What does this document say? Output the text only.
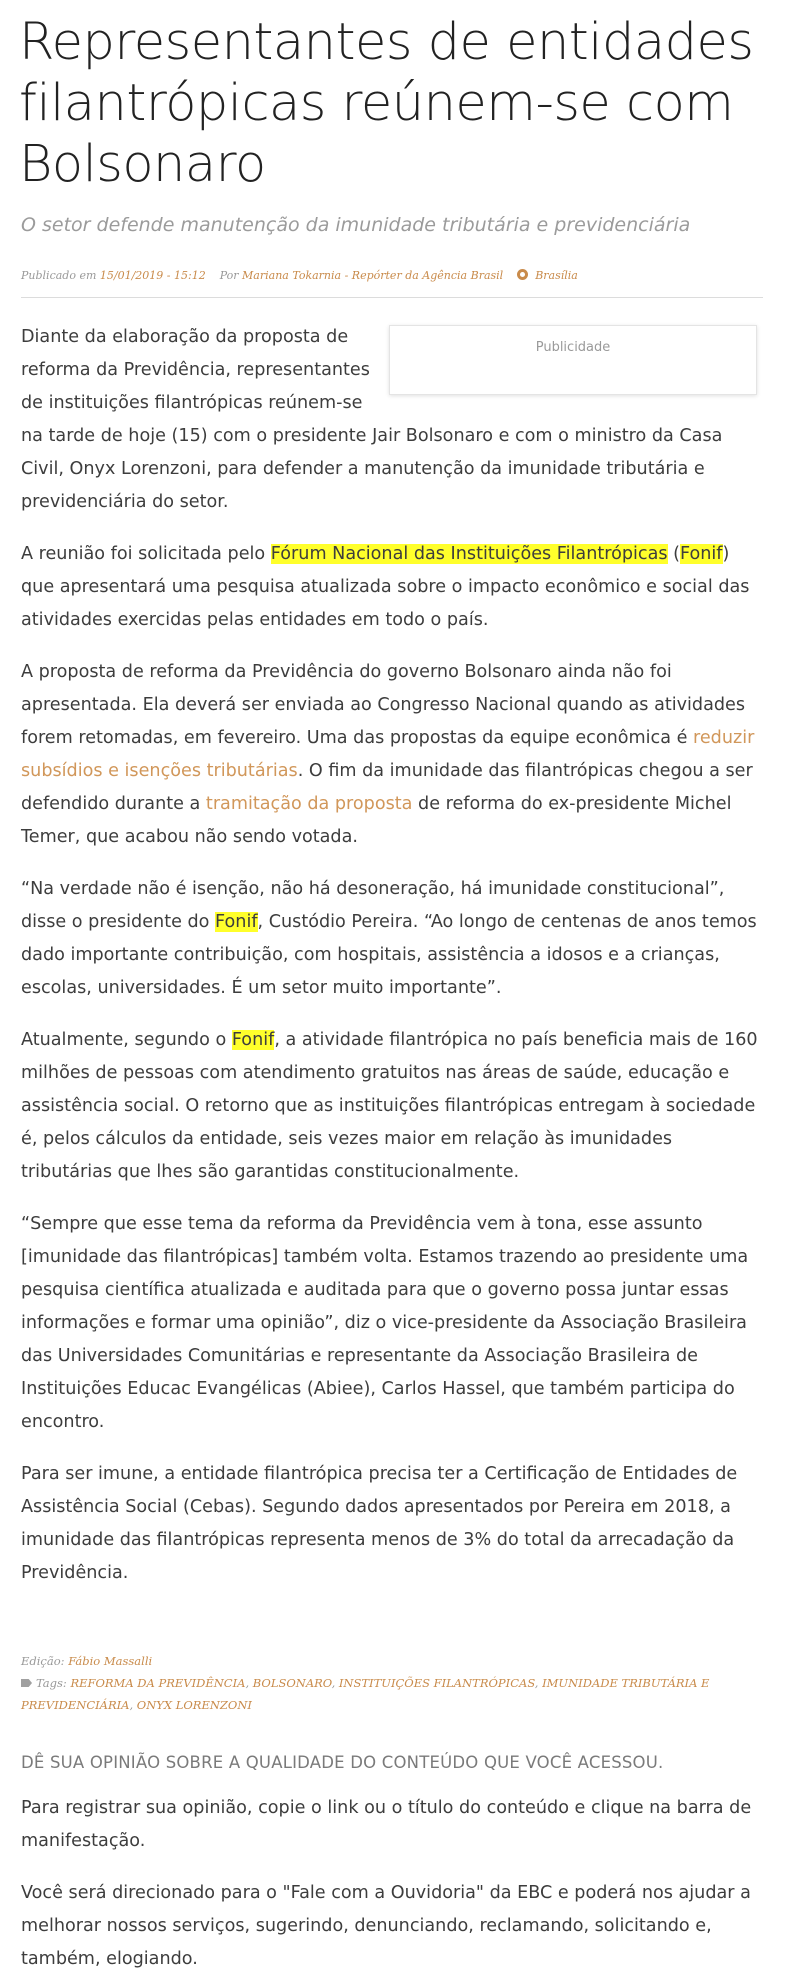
Representantes de entidades filantrópicas reúnem-se com Bolsonaro
O setor defende manutenção da imunidade tributária e previdenciária
Publicado em 15/01/2019 - 15:12 Por Mariana Tokarnia - Repórter da Agência Brasil	Brasília
Publicidade

Diante da elaboração da proposta de reforma da Previdência, representantes de instituições filantrópicas reúnem-se na tarde de hoje (15) com o presidente Jair Bolsonaro e com o ministro da Casa Civil, Onyx Lorenzoni, para defender a manutenção da imunidade tributária e previdenciária do setor.

A reunião foi solicitada pelo Fórum Nacional das Instituições Filantrópicas (Fonif) que apresentará uma pesquisa atualizada sobre o impacto econômico e social das atividades exercidas pelas entidades em todo o país.

A proposta de reforma da Previdência do governo Bolsonaro ainda não foi apresentada. Ela deverá ser enviada ao Congresso Nacional quando as atividades forem retomadas, em fevereiro. Uma das propostas da equipe econômica é reduzir subsídios e isenções tributárias. O fim da imunidade das filantrópicas chegou a ser defendido durante a tramitação da proposta de reforma do ex-presidente Michel Temer, que acabou não sendo votada.

“Na verdade não é isenção, não há desoneração, há imunidade constitucional”, disse o presidente do Fonif, Custódio Pereira. “Ao longo de centenas de anos temos dado importante contribuição, com hospitais, assistência a idosos e a crianças, escolas, universidades. É um setor muito importante”.

Atualmente, segundo o Fonif, a atividade filantrópica no país beneficia mais de 160 milhões de pessoas com atendimento gratuitos nas áreas de saúde, educação e assistência social. O retorno que as instituições filantrópicas entregam à sociedade é, pelos cálculos da entidade, seis vezes maior em relação às imunidades tributárias que lhes são garantidas constitucionalmente.

“Sempre que esse tema da reforma da Previdência vem à tona, esse assunto [imunidade das filantrópicas] também volta. Estamos trazendo ao presidente uma pesquisa científica atualizada e auditada para que o governo possa juntar essas informações e formar uma opinião”, diz o vice-presidente da Associação Brasileira das Universidades Comunitárias e representante da Associação Brasileira de Instituições Educac Evangélicas (Abiee), Carlos Hassel, que também participa do encontro.

Para ser imune, a entidade filantrópica precisa ter a Certificação de Entidades de Assistência Social (Cebas). Segundo dados apresentados por Pereira em 2018, a imunidade das filantrópicas representa menos de 3% do total da arrecadação da Previdência.

Edição: Fábio Massalli
Tags: REFORMA DA PREVIDÊNCIA, BOLSONARO, INSTITUIÇÕES FILANTRÓPICAS, IMUNIDADE TRIBUTÁRIA E PREVIDENCIÁRIA, ONYX LORENZONI
DÊ SUA OPINIÃO SOBRE A QUALIDADE DO CONTEÚDO QUE VOCÊ ACESSOU.

Para registrar sua opinião, copie o link ou o título do conteúdo e clique na barra de manifestação.

Você será direcionado para o "Fale com a Ouvidoria" da EBC e poderá nos ajudar a melhorar nossos serviços, sugerindo, denunciando, reclamando, solicitando e, também, elogiando.
